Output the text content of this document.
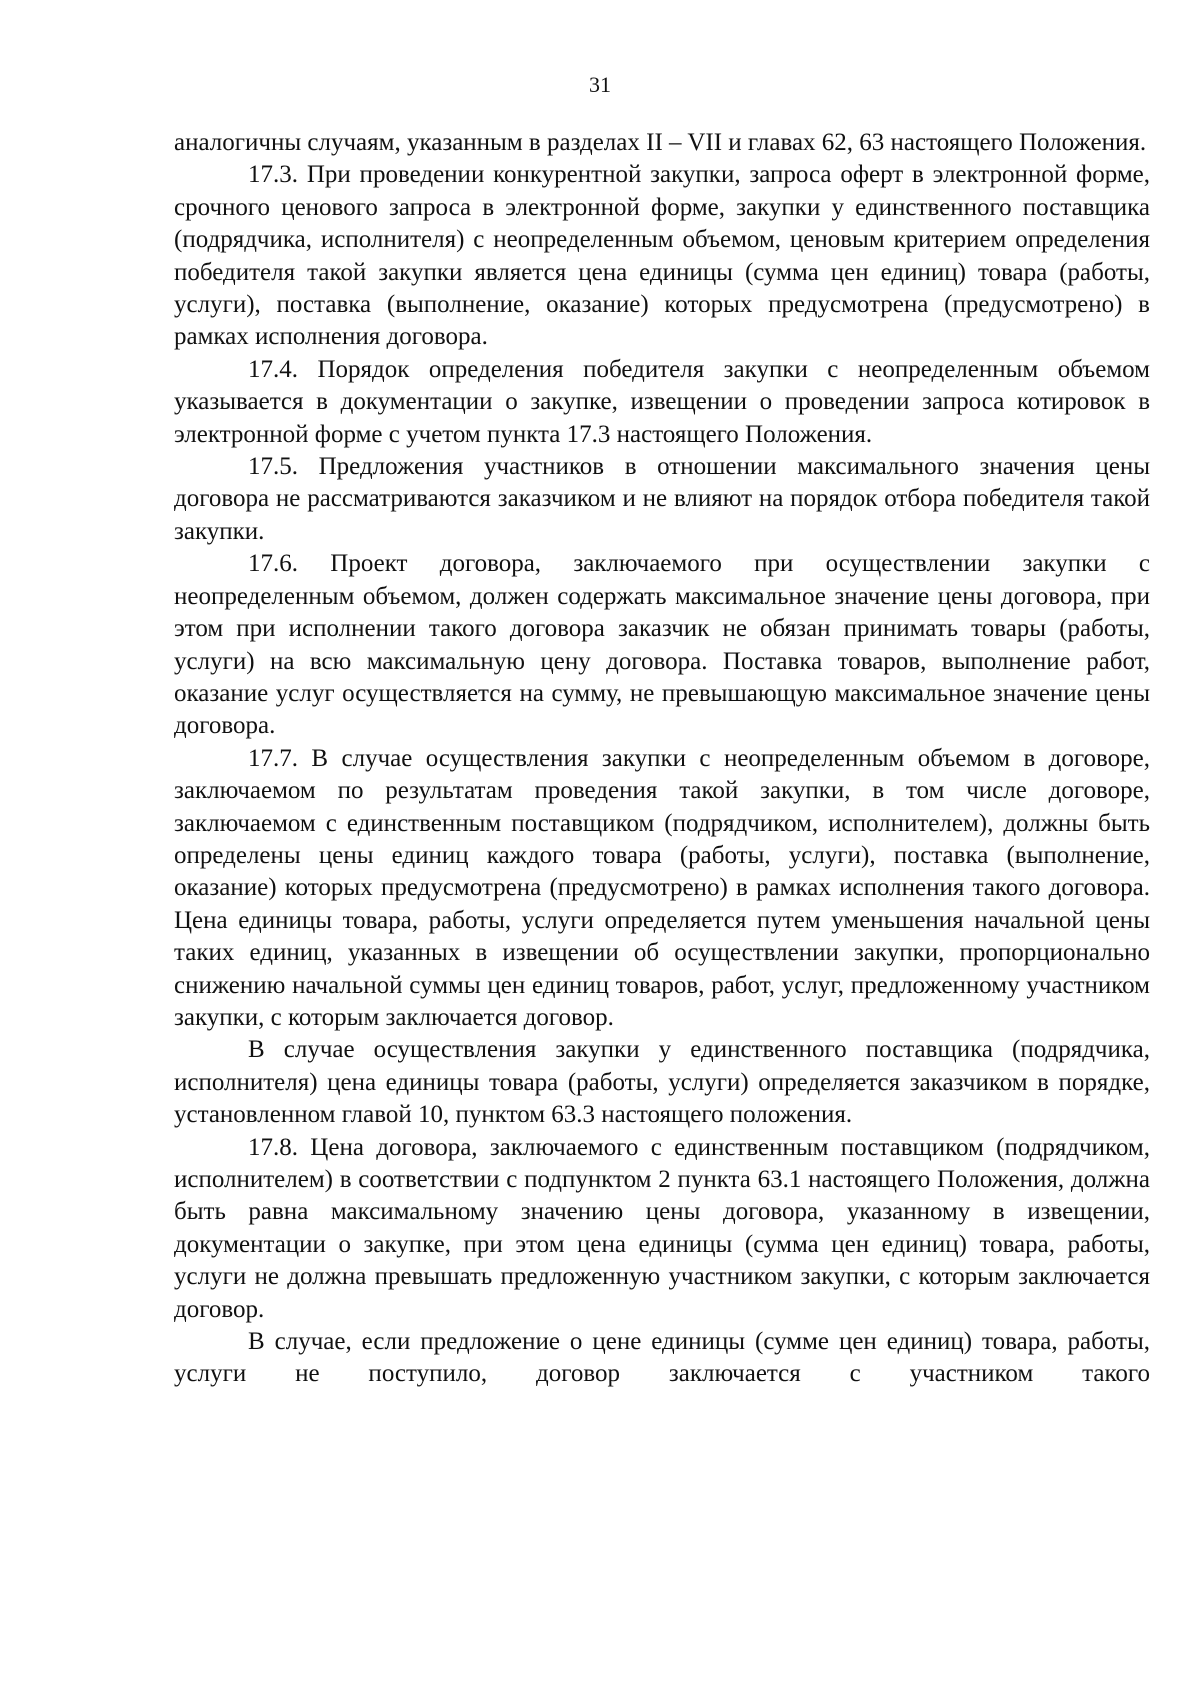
31

аналогичны случаям, указанным в разделах II – VII и главах 62, 63 настоящего Положения.

17.3. При проведении конкурентной закупки, запроса оферт в электронной форме, срочного ценового запроса в электронной форме, закупки у единственного поставщика (подрядчика, исполнителя) с неопределенным объемом, ценовым критерием определения победителя такой закупки является цена единицы (сумма цен единиц) товара (работы, услуги), поставка (выполнение, оказание) которых предусмотрена (предусмотрено) в рамках исполнения договора.

17.4. Порядок определения победителя закупки с неопределенным объемом указывается в документации о закупке, извещении о проведении запроса котировок в электронной форме с учетом пункта 17.3 настоящего Положения.

17.5. Предложения участников в отношении максимального значения цены договора не рассматриваются заказчиком и не влияют на порядок отбора победителя такой закупки.

17.6. Проект договора, заключаемого при осуществлении закупки с неопределенным объемом, должен содержать максимальное значение цены договора, при этом при исполнении такого договора заказчик не обязан принимать товары (работы, услуги) на всю максимальную цену договора. Поставка товаров, выполнение работ, оказание услуг осуществляется на сумму, не превышающую максимальное значение цены договора.

17.7. В случае осуществления закупки с неопределенным объемом в договоре, заключаемом по результатам проведения такой закупки, в том числе договоре, заключаемом с единственным поставщиком (подрядчиком, исполнителем), должны быть определены цены единиц каждого товара (работы, услуги), поставка (выполнение, оказание) которых предусмотрена (предусмотрено) в рамках исполнения такого договора. Цена единицы товара, работы, услуги определяется путем уменьшения начальной цены таких единиц, указанных в извещении об осуществлении закупки, пропорционально снижению начальной суммы цен единиц товаров, работ, услуг, предложенному участником закупки, с которым заключается договор.

В случае осуществления закупки у единственного поставщика (подрядчика, исполнителя) цена единицы товара (работы, услуги) определяется заказчиком в порядке, установленном главой 10, пунктом 63.3 настоящего положения.

17.8. Цена договора, заключаемого с единственным поставщиком (подрядчиком, исполнителем) в соответствии с подпунктом 2 пункта 63.1 настоящего Положения, должна быть равна максимальному значению цены договора, указанному в извещении, документации о закупке, при этом цена единицы (сумма цен единиц) товара, работы, услуги не должна превышать предложенную участником закупки, с которым заключается договор.

В случае, если предложение о цене единицы (сумме цен единиц) товара, работы, услуги не поступило, договор заключается с участником такого
